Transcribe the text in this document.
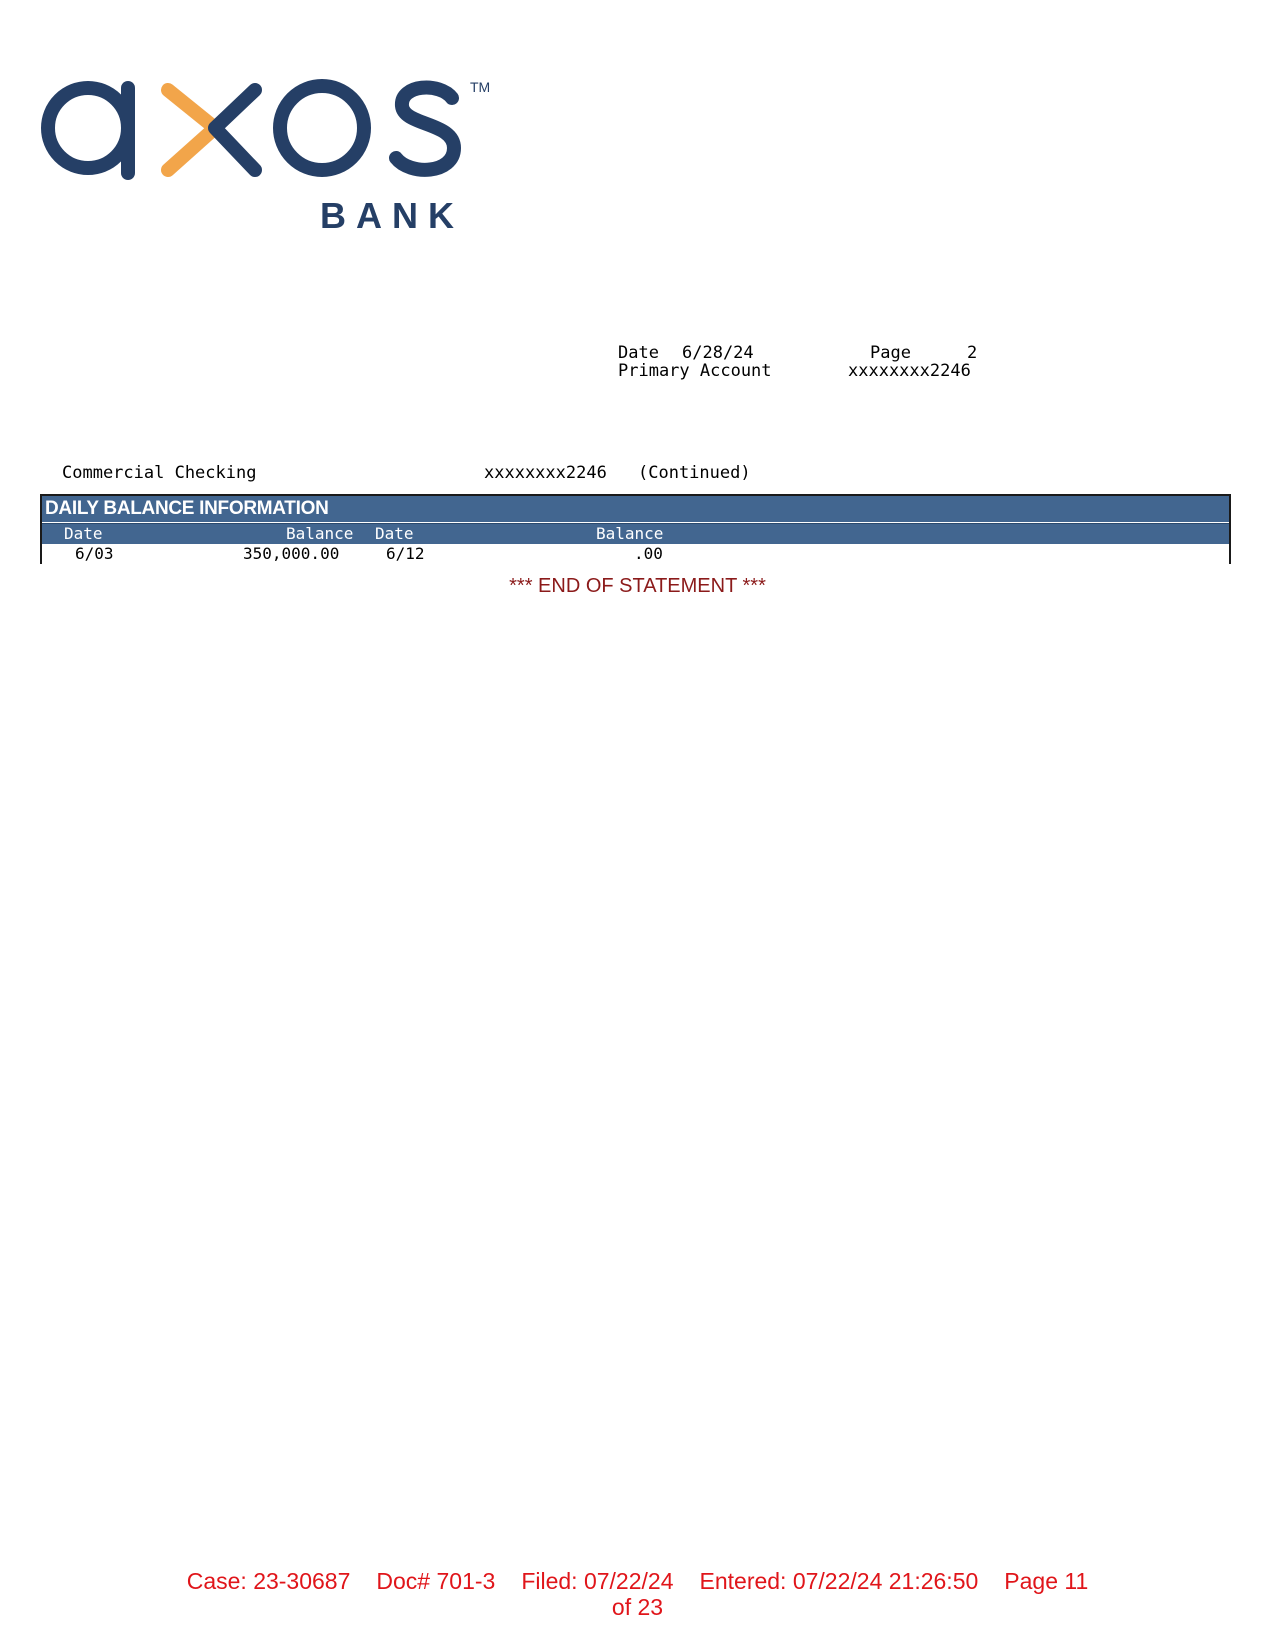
TM
BANK
Date 6/28/24	Page	2
Primary Account	xxxxxxxx2246
Commercial Checking	xxxxxxxx2246 (Continued)
DAILY BALANCE INFORMATION
Date	Balance Date	Balance
6/03	350,000.00	6/12	.00
*** END OF STATEMENT ***
Case: 23-30687 Doc# 701-3 Filed: 07/22/24 Entered: 07/22/24 21:26:50 Page 11
of 23
